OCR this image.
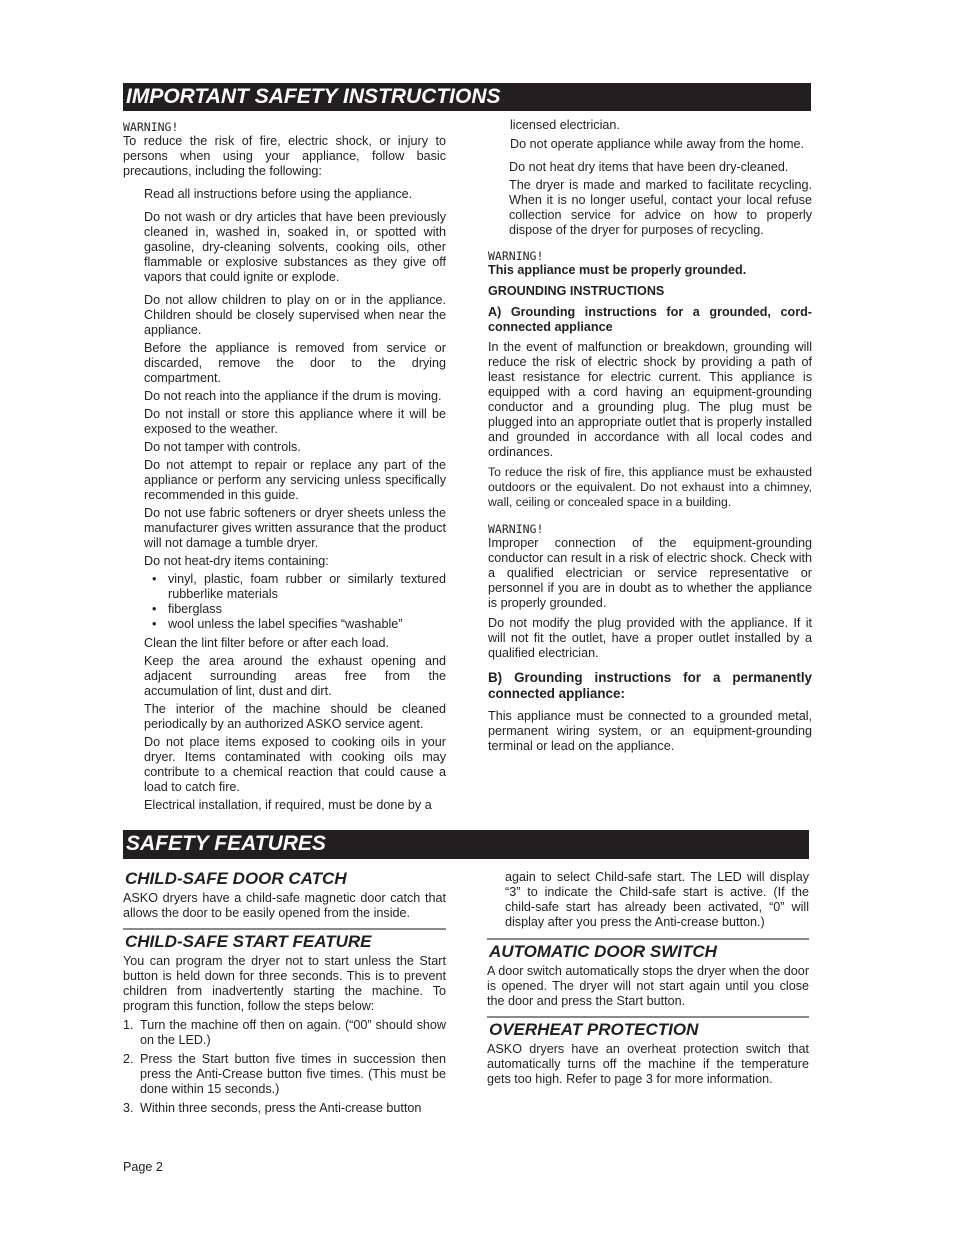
IMPORTANT SAFETY INSTRUCTIONS

WARNING!

To reduce the risk of fire, electric shock, or injury to persons when using your appliance, follow basic precautions, including the following:

Read all instructions before using the appliance.

Do not wash or dry articles that have been previously cleaned in, washed in, soaked in, or spotted with gasoline, dry-cleaning solvents, cooking oils, other flammable or explosive substances as they give off vapors that could ignite or explode.

Do not allow children to play on or in the appliance. Children should be closely supervised when near the appliance.

Before the appliance is removed from service or discarded, remove the door to the drying compartment.

Do not reach into the appliance if the drum is moving.

Do not install or store this appliance where it will be exposed to the weather.

Do not tamper with controls.

Do not attempt to repair or replace any part of the appliance or perform any servicing unless specifically recommended in this guide.

Do not use fabric softeners or dryer sheets unless the manufacturer gives written assurance that the product will not damage a tumble dryer.

Do not heat-dry items containing:

• vinyl, plastic, foam rubber or similarly textured rubberlike materials
• fiberglass
• wool unless the label specifies “washable”

Clean the lint filter before or after each load.

Keep the area around the exhaust opening and adjacent surrounding areas free from the accumulation of lint, dust and dirt.

The interior of the machine should be cleaned periodically by an authorized ASKO service agent.

Do not place items exposed to cooking oils in your dryer. Items contaminated with cooking oils may contribute to a chemical reaction that could cause a load to catch fire.

Electrical installation, if required, must be done by a

licensed electrician.

Do not operate appliance while away from the home.

Do not heat dry items that have been dry-cleaned.

The dryer is made and marked to facilitate recycling. When it is no longer useful, contact your local refuse collection service for advice on how to properly dispose of the dryer for purposes of recycling.

WARNING!

This appliance must be properly grounded.

GROUNDING INSTRUCTIONS

A) Grounding instructions for a grounded, cord-connected appliance

In the event of malfunction or breakdown, grounding will reduce the risk of electric shock by providing a path of least resistance for electric current. This appliance is equipped with a cord having an equipment-grounding conductor and a grounding plug. The plug must be plugged into an appropriate outlet that is properly installed and grounded in accordance with all local codes and ordinances.

To reduce the risk of fire, this appliance must be exhausted outdoors or the equivalent. Do not exhaust into a chimney, wall, ceiling or concealed space in a building.

WARNING!

Improper connection of the equipment-grounding conductor can result in a risk of electric shock. Check with a qualified electrician or service representative or personnel if you are in doubt as to whether the appliance is properly grounded.

Do not modify the plug provided with the appliance. If it will not fit the outlet, have a proper outlet installed by a qualified electrician.

B) Grounding instructions for a permanently connected appliance:

This appliance must be connected to a grounded metal, permanent wiring system, or an equipment-grounding terminal or lead on the appliance.

SAFETY FEATURES

CHILD-SAFE DOOR CATCH

ASKO dryers have a child-safe magnetic door catch that allows the door to be easily opened from the inside.

CHILD-SAFE START FEATURE

You can program the dryer not to start unless the Start button is held down for three seconds. This is to prevent children from inadvertently starting the machine. To program this function, follow the steps below:

1. Turn the machine off then on again. (“00” should show on the LED.)
2. Press the Start button five times in succession then press the Anti-Crease button five times. (This must be done within 15 seconds.)
3. Within three seconds, press the Anti-crease button

again to select Child-safe start. The LED will display “3” to indicate the Child-safe start is active. (If the child-safe start has already been activated, “0” will display after you press the Anti-crease button.)

AUTOMATIC DOOR SWITCH

A door switch automatically stops the dryer when the door is opened. The dryer will not start again until you close the door and press the Start button.

OVERHEAT PROTECTION

ASKO dryers have an overheat protection switch that automatically turns off the machine if the temperature gets too high. Refer to page 3 for more information.

Page 2
